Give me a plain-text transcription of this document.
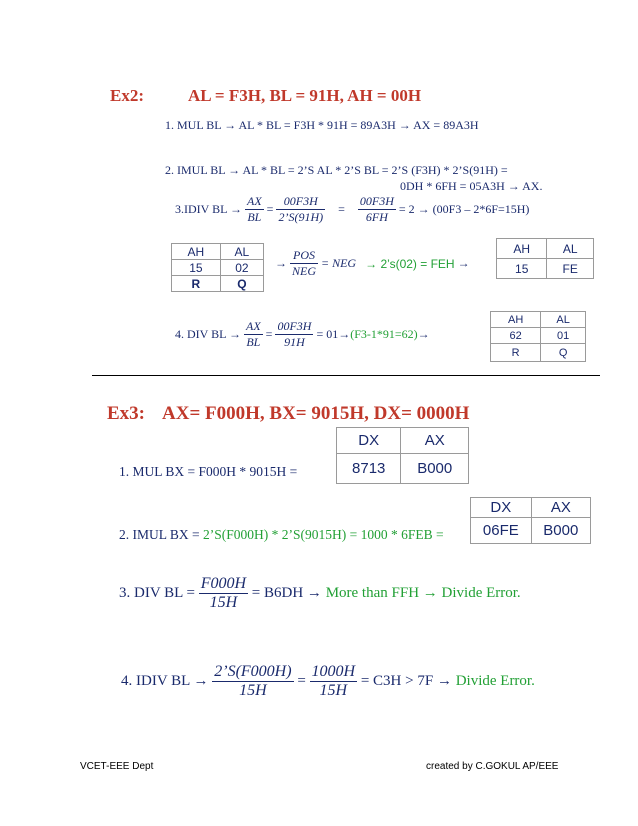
Ex2:	AL = F3H, BL = 91H, AH = 00H
1. MUL BL → AL * BL = F3H * 91H = 89A3H → AX = 89A3H
2. IMUL BL → AL * BL = 2’S AL * 2’S BL = 2’S (F3H) * 2’S(91H) =
0DH * 6FH = 05A3H → AX.
3.IDIV BL → $\frac{AX}{BL} = \frac{00F3H}{2’S(91H)} = \frac{00F3H}{6FH} = 2 \to (00F3 - 2*6F=15H)$
AH	AL
15	02
R	Q
→ $\frac{\text{POS}}{\text{NEG}}$ = NEG → 2’s(02) = FEH →
AH	AL
15	FE
4. DIV BL → $\frac{AX}{BL} = \frac{00F3H}{91H} = 01\to(F3-1*91=62)\to$
AH	AL
62	01
R	Q
Ex3: AX= F000H, BX= 9015H, DX= 0000H
1. MUL BX = F000H * 9015H =
DX	AX
8713	B000
2. IMUL BX = 2’S(F000H) * 2’S(9015H) = 1000 * 6FEB =
DX	AX
06FE	B000
3. DIV BL = $\frac{F000H}{15H} = B6DH$ → More than FFH → Divide Error.
4. IDIV BL → $\frac{2’S(F000H)}{15H} = \frac{1000H}{15H} = C3H > 7F$ → Divide Error.
VCET-EEE Dept	created by C.GOKUL AP/EEE
